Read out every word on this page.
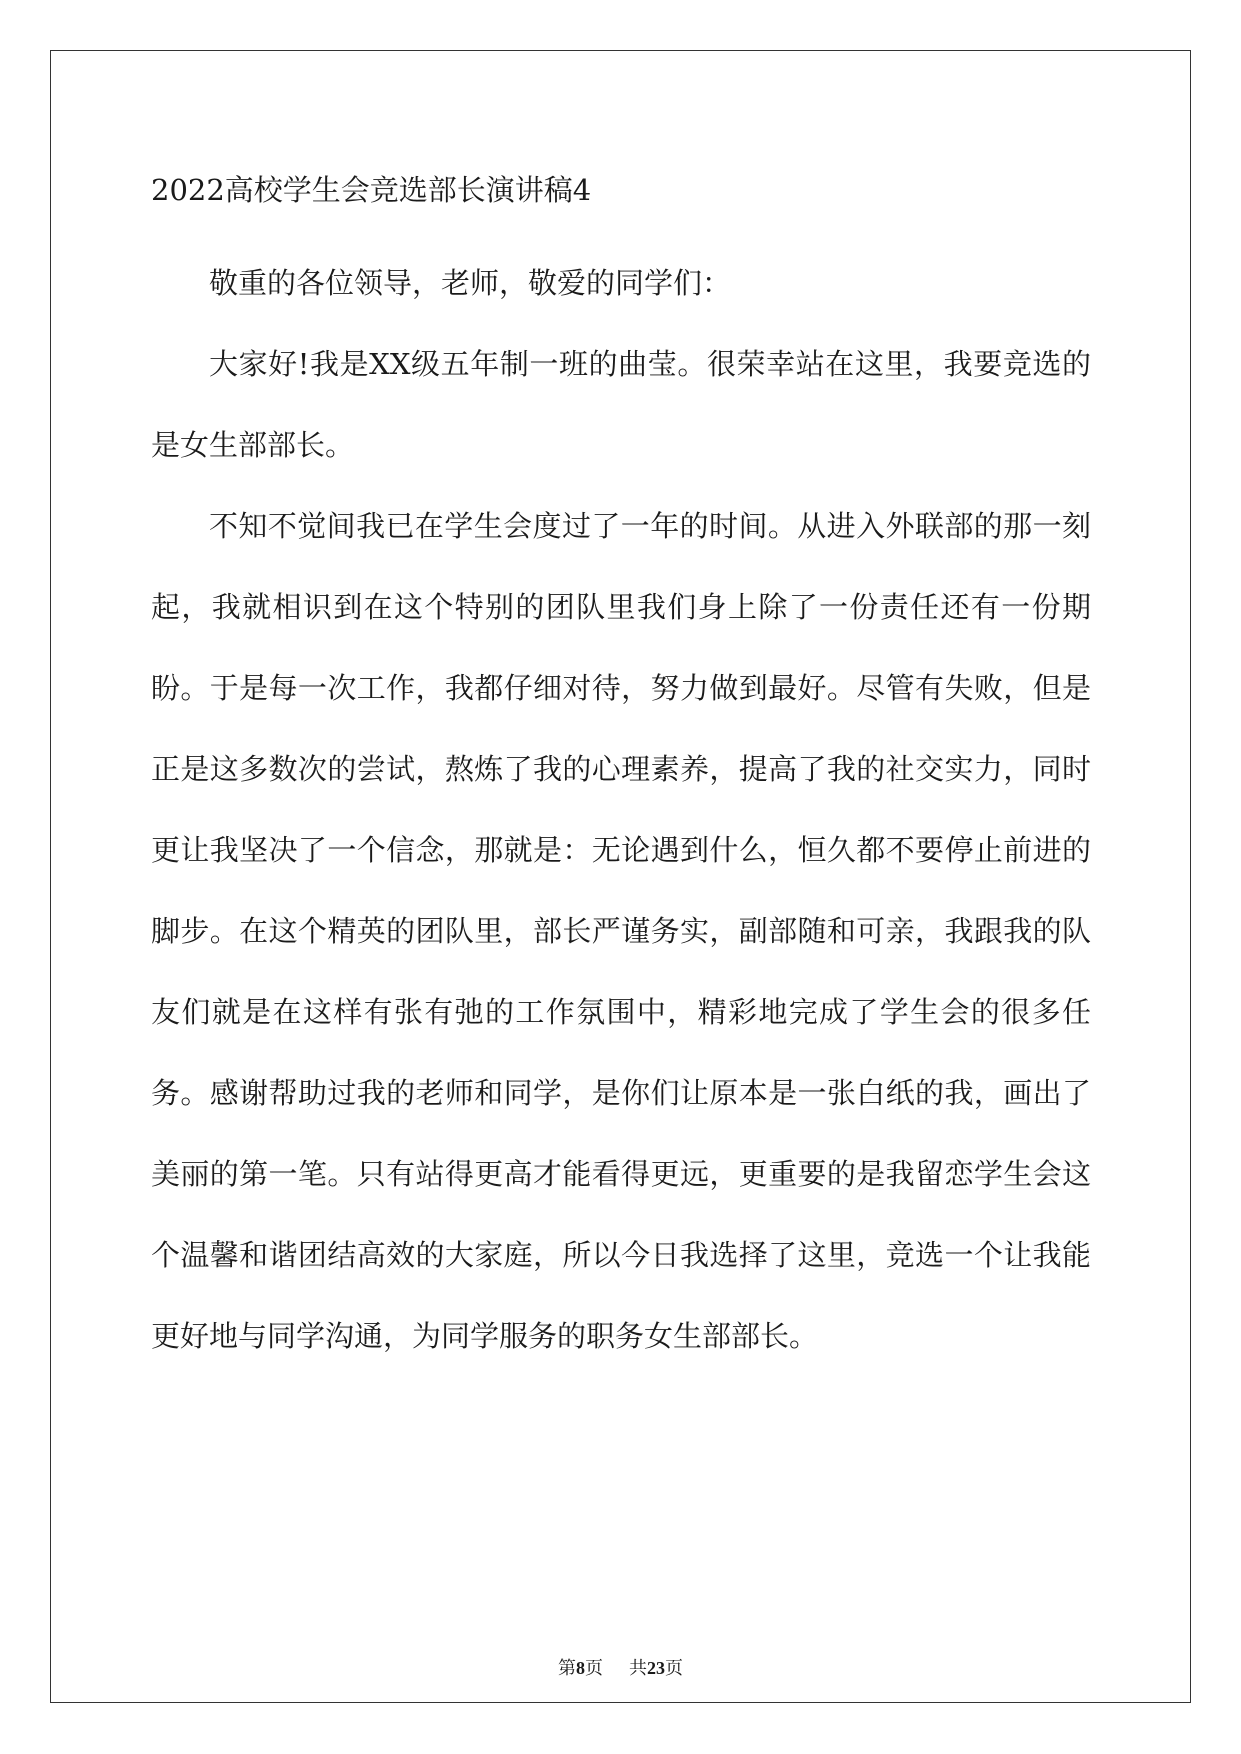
2022高校学生会竞选部长演讲稿4

敬重的各位领导，老师，敬爱的同学们：

大家好!我是XX级五年制一班的曲莹。很荣幸站在这里，我要竞选的是女生部部长。

不知不觉间我已在学生会度过了一年的时间。从进入外联部的那一刻起，我就相识到在这个特别的团队里我们身上除了一份责任还有一份期盼。于是每一次工作，我都仔细对待，努力做到最好。尽管有失败，但是正是这多数次的尝试，熬炼了我的心理素养，提高了我的社交实力，同时更让我坚决了一个信念，那就是：无论遇到什么，恒久都不要停止前进的脚步。在这个精英的团队里，部长严谨务实，副部随和可亲，我跟我的队友们就是在这样有张有弛的工作氛围中，精彩地完成了学生会的很多任务。感谢帮助过我的老师和同学，是你们让原本是一张白纸的我，画出了美丽的第一笔。只有站得更高才能看得更远，更重要的是我留恋学生会这个温馨和谐团结高效的大家庭，所以今日我选择了这里，竞选一个让我能更好地与同学沟通，为同学服务的职务女生部部长。

第8页 共23页
